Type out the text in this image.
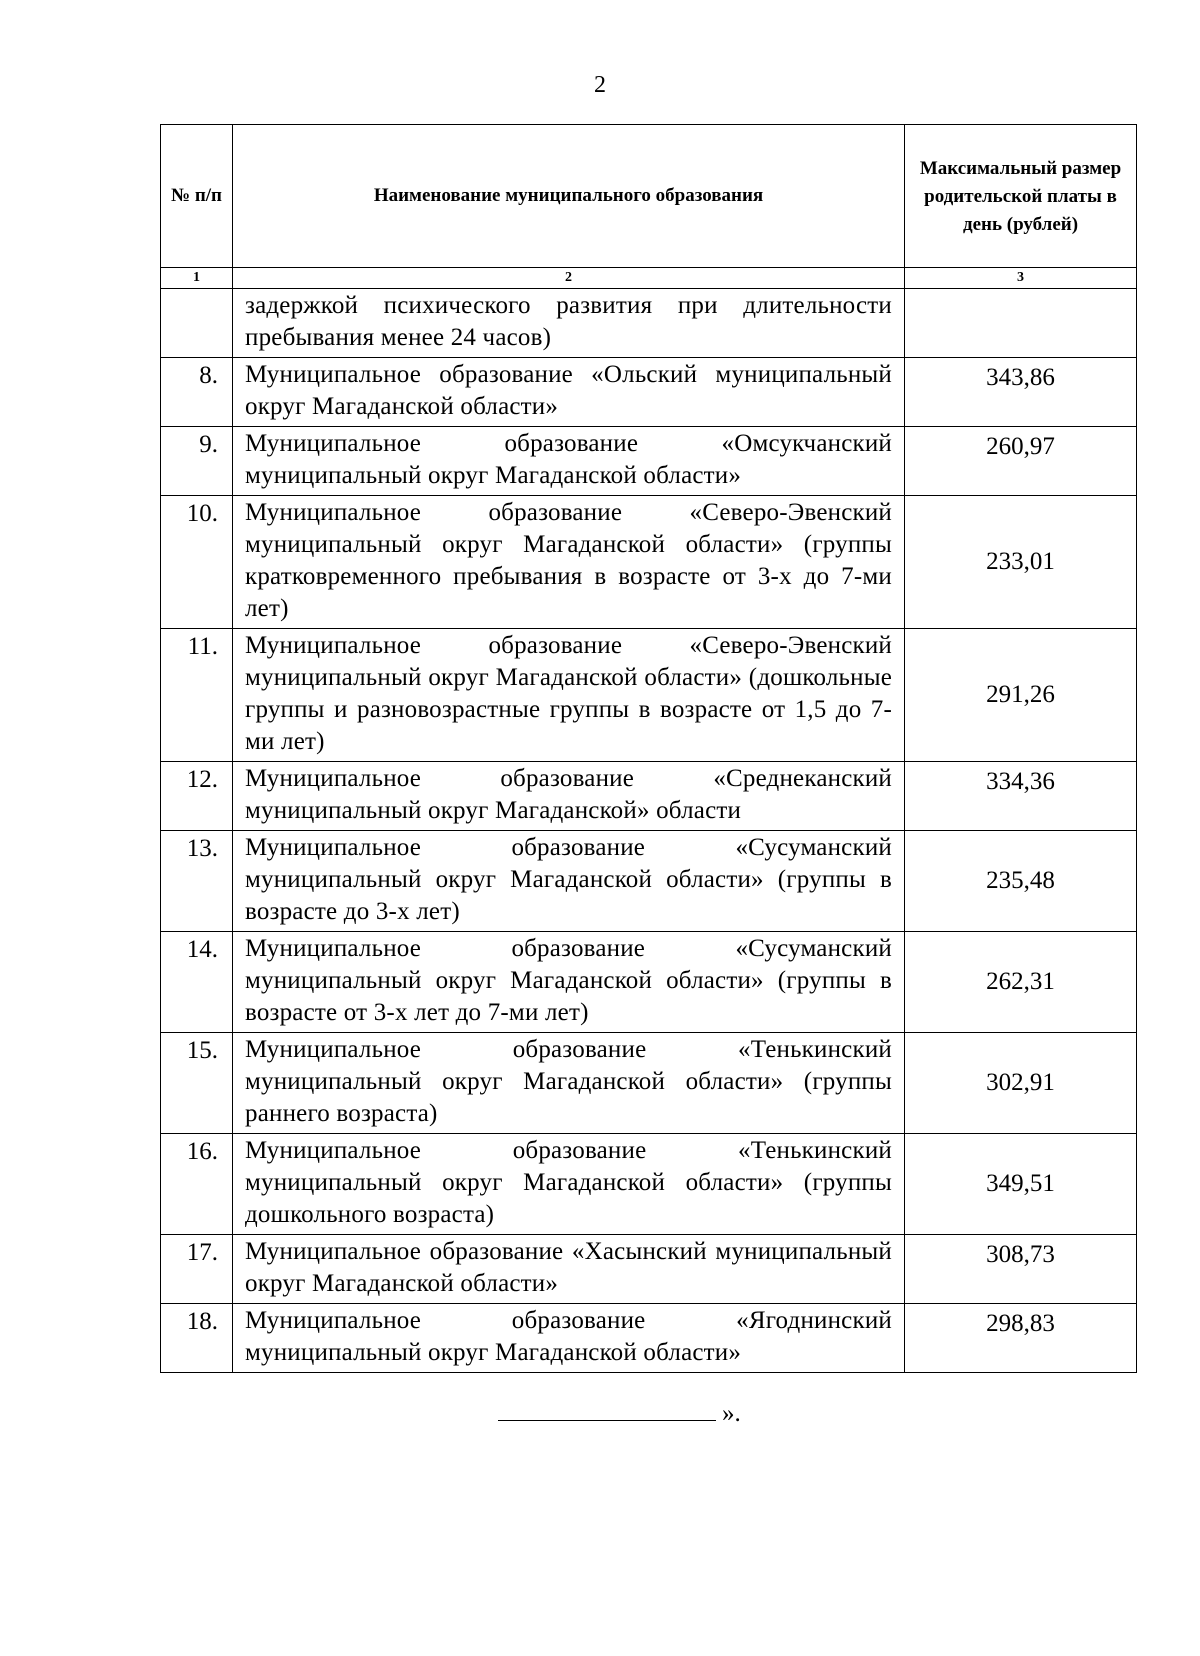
2
№ п/п	Наименование муниципального образования	Максимальный размер родительской платы в день (рублей)
1	2	3
	задержкой психического развития при длительности пребывания менее 24 часов)	
8.	Муниципальное образование «Ольский муниципальный округ Магаданской области»	343,86
9.	Муниципальное образование «Омсукчанский муниципальный округ Магаданской области»	260,97
10.	Муниципальное образование «Северо-Эвенский муниципальный округ Магаданской области» (группы кратковременного пребывания в возрасте от 3-х до 7-ми лет)	233,01
11.	Муниципальное образование «Северо-Эвенский муниципальный округ Магаданской области» (дошкольные группы и разновозрастные группы в возрасте от 1,5 до 7-ми лет)	291,26
12.	Муниципальное образование «Среднеканский муниципальный округ Магаданской» области	334,36
13.	Муниципальное образование «Сусуманский муниципальный округ Магаданской области» (группы в возрасте до 3-х лет)	235,48
14.	Муниципальное образование «Сусуманский муниципальный округ Магаданской области» (группы в возрасте от 3-х лет до 7-ми лет)	262,31
15.	Муниципальное образование «Тенькинский муниципальный округ Магаданской области» (группы раннего возраста)	302,91
16.	Муниципальное образование «Тенькинский муниципальный округ Магаданской области» (группы дошкольного возраста)	349,51
17.	Муниципальное образование «Хасынский муниципальный округ Магаданской области»	308,73
18.	Муниципальное образование «Ягоднинский муниципальный округ Магаданской области»	298,83
».
